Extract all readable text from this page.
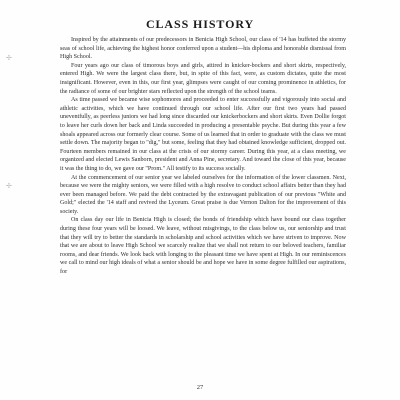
✢
✢
CLASS HISTORY

Inspired by the attainments of our predecessors in Benicia High School, our class of '14 has buffeted the stormy seas of school life, achieving the highest honor conferred upon a student—his diploma and honorable dismissal from High School.

Four years ago our class of timorous boys and girls, attired in knicker-bockers and short skirts, respectively, entered High. We were the largest class there, but, in spite of this fact, were, as custom dictates, quite the most insignificant. However, even in this, our first year, glimpses were caught of our coming prominence in athletics, for the radiance of some of our brighter stars reflected upon the strength of the school teams.

As time passed we became wise sophomores and proceeded to enter successfully and vigorously into social and athletic activities, which we have continued through our school life. After our first two years had passed uneventfully, as peerless juniors we had long since discarded our knickerbockers and short skirts. Even Dollie forgot to leave her curls down her back and Linda succeeded in producing a presentable psyche. But during this year a few shoals appeared across our formerly clear course. Some of us learned that in order to graduate with the class we must settle down. The majority began to "dig," but some, feeling that they had obtained knowledge sufficient, dropped out. Fourteen members remained in our class at the crisis of our stormy career. During this year, at a class meeting, we organized and elected Lewis Sanborn, president and Anna Pine, secretary. And toward the close of this year, because it was the thing to do, we gave our "Prom." All testify to its success socially.

At the commencement of our senior year we labeled ourselves for the information of the lower classmen. Next, because we were the mighty seniors, we were filled with a high resolve to conduct school affairs better than they had ever been managed before. We paid the debt contracted by the extravagant publication of our previous "White and Gold;" elected the '14 staff and revived the Lyceum. Great praise is due Vernon Dalton for the improvement of this society.

On class day our life in Benicia High is closed; the bonds of friendship which have bound our class together during these four years will be loosed. We leave, without misgivings, to the class below us, our seniorship and trust that they will try to better the standards in scholarship and school activities which we have striven to improve. Now that we are about to leave High School we scarcely realize that we shall not return to our beloved teachers, familiar rooms, and dear friends. We look back with longing to the pleasant time we have spent at High. In our reminiscences we call to mind our high ideals of what a senior should be and hope we have in some degree fulfilled our aspirations, for

27
